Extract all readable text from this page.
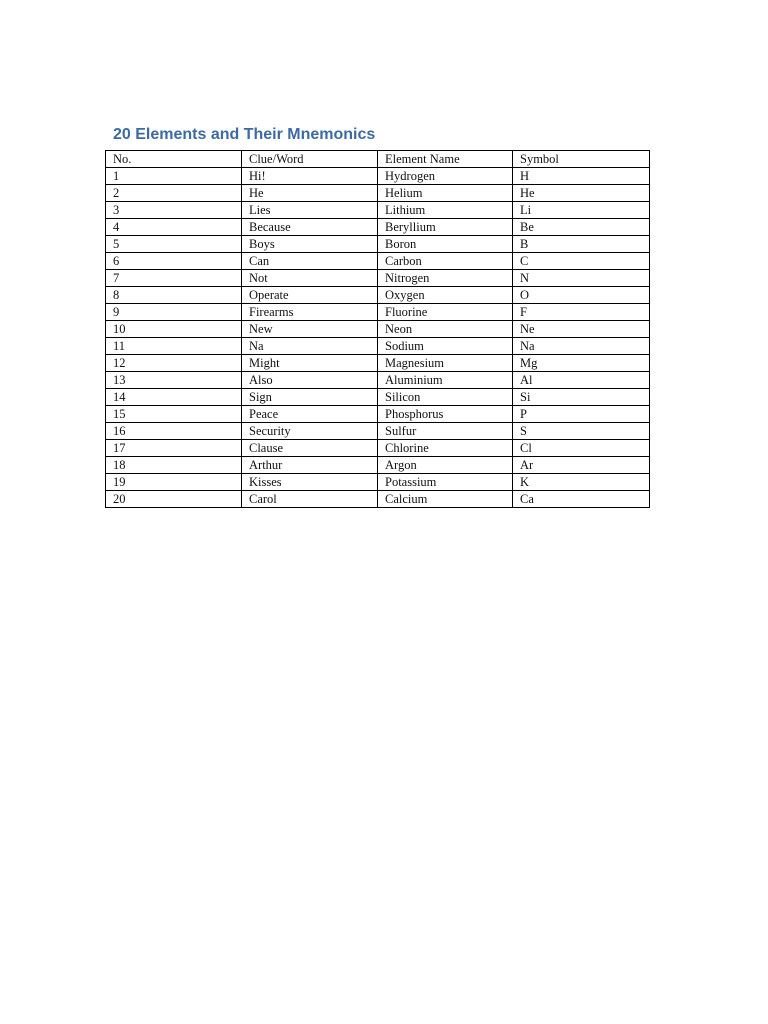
20 Elements and Their Mnemonics
No.	Clue/Word	Element Name	Symbol
1	Hi!	Hydrogen	H
2	He	Helium	He
3	Lies	Lithium	Li
4	Because	Beryllium	Be
5	Boys	Boron	B
6	Can	Carbon	C
7	Not	Nitrogen	N
8	Operate	Oxygen	O
9	Firearms	Fluorine	F
10	New	Neon	Ne
11	Na	Sodium	Na
12	Might	Magnesium	Mg
13	Also	Aluminium	Al
14	Sign	Silicon	Si
15	Peace	Phosphorus	P
16	Security	Sulfur	S
17	Clause	Chlorine	Cl
18	Arthur	Argon	Ar
19	Kisses	Potassium	K
20	Carol	Calcium	Ca
